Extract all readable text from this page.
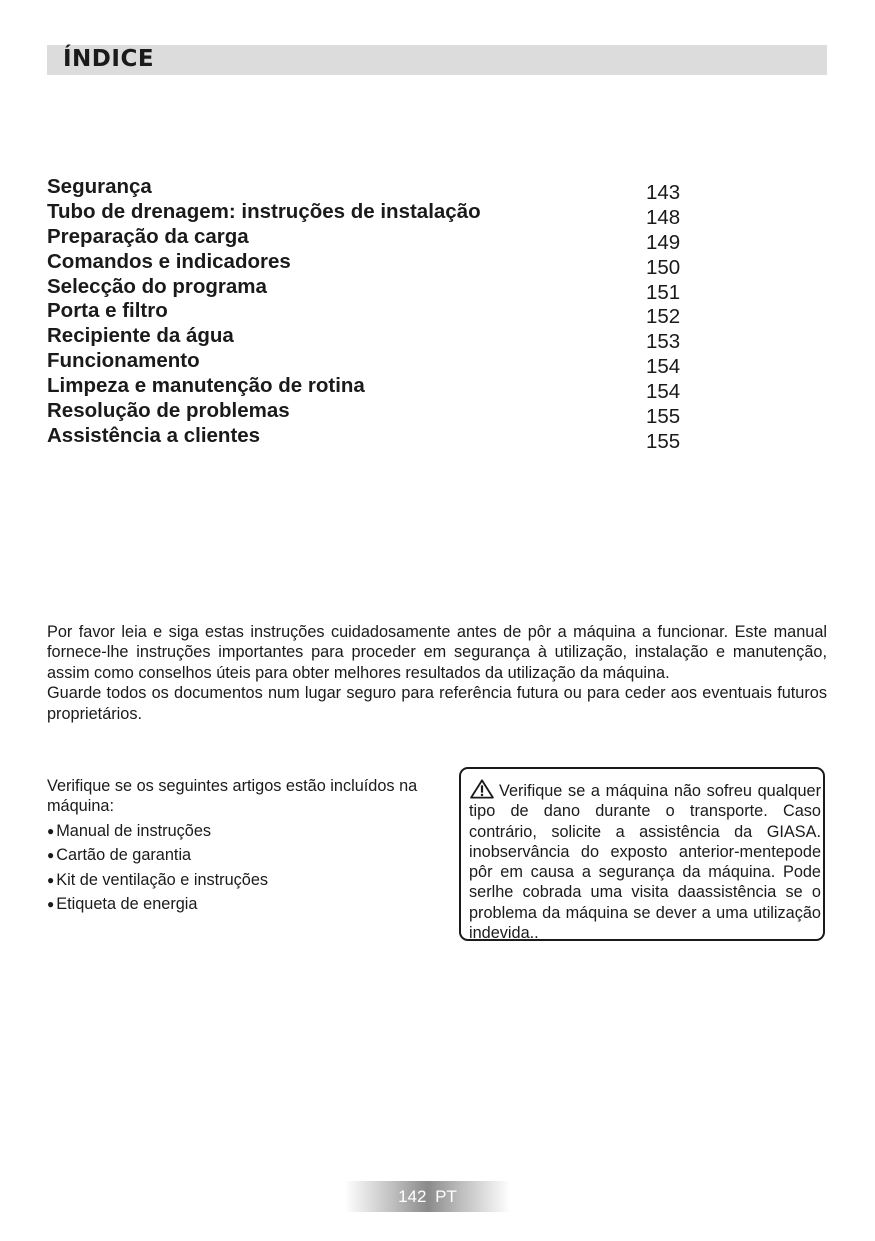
ÍNDICE
Segurança	143
Tubo de drenagem: instruções de instalação	148
Preparação da carga	149
Comandos e indicadores	150
Selecção do programa	151
Porta e filtro	152
Recipiente da água	153
Funcionamento	154
Limpeza e manutenção de rotina	154
Resolução de problemas	155
Assistência a clientes	155

Por favor leia e siga estas instruções cuidadosamente antes de pôr a máquina a funcionar. Este manual fornece-lhe instruções importantes para proceder em segurança à utilização, instalação e manutenção, assim como conselhos úteis para obter melhores resultados da utilização da máquina.

Guarde todos os documentos num lugar seguro para referência futura ou para ceder aos eventuais futuros proprietários.

Verifique se os seguintes artigos estão incluídos na máquina:
● Manual de instruções
● Cartão de garantia
● Kit de ventilação e instruções
● Etiqueta de energia
Verifique se a máquina não sofreu qualquer tipo de dano durante o transporte. Caso contrário, solicite a assistência da GIASA. inobservância do exposto anterior-mentepode pôr em causa a segurança da máquina. Pode serlhe cobrada uma visita daassistência se o problema da máquina se dever a uma utilização indevida..
142 PT
